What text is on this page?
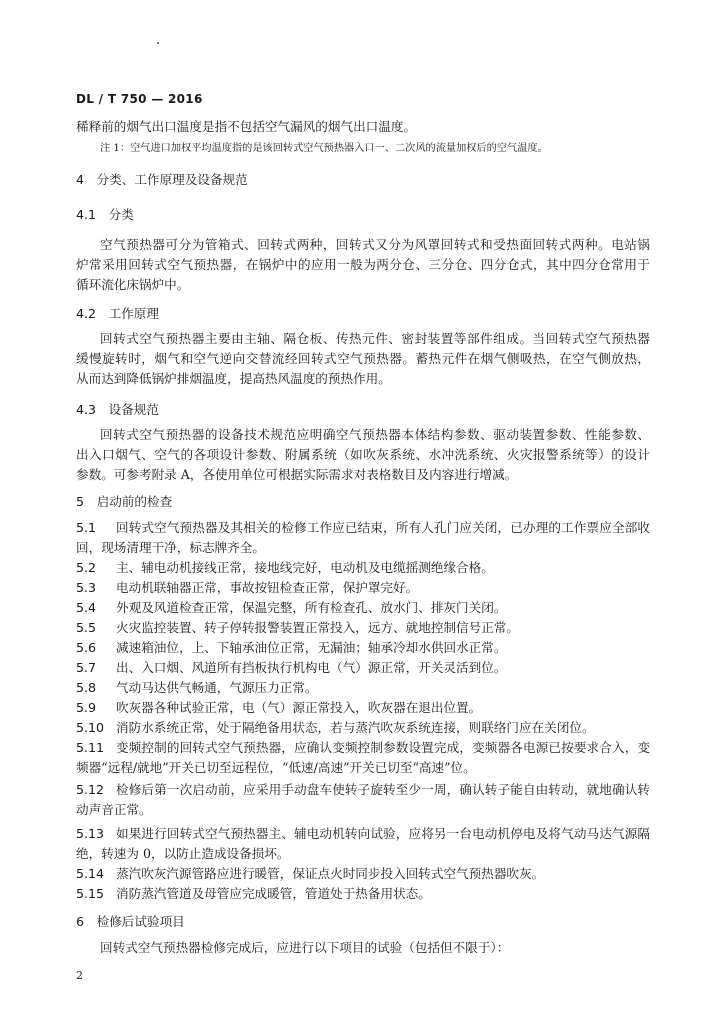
DL / T 750 — 2016
稀释前的烟气出口温度是指不包括空气漏风的烟气出口温度。
注 1：空气进口加权平均温度指的是该回转式空气预热器入口一、二次风的流量加权后的空气温度。
4　分类、工作原理及设备规范
4.1　分类
空气预热器可分为管箱式、回转式两种，回转式又分为风罩回转式和受热面回转式两种。电站锅
炉常采用回转式空气预热器，在锅炉中的应用一般为两分仓、三分仓、四分仓式，其中四分仓常用于
循环流化床锅炉中。
4.2　工作原理
回转式空气预热器主要由主轴、隔仓板、传热元件、密封装置等部件组成。当回转式空气预热器
缓慢旋转时，烟气和空气逆向交替流经回转式空气预热器。蓄热元件在烟气侧吸热，在空气侧放热，
从而达到降低锅炉排烟温度，提高热风温度的预热作用。
4.3　设备规范
回转式空气预热器的设备技术规范应明确空气预热器本体结构参数、驱动装置参数、性能参数、
出入口烟气、空气的各项设计参数、附属系统（如吹灰系统、水冲洗系统、火灾报警系统等）的设计
参数。可参考附录 A，各使用单位可根据实际需求对表格数目及内容进行增减。
5　启动前的检查
5.1 回转式空气预热器及其相关的检修工作应已结束，所有人孔门应关闭，已办理的工作票应全部收
回，现场清理干净，标志牌齐全。
5.2 主、辅电动机接线正常，接地线完好，电动机及电缆摇测绝缘合格。
5.3 电动机联轴器正常，事故按钮检查正常，保护罩完好。
5.4 外观及风道检查正常，保温完整，所有检查孔、放水门、排灰门关闭。
5.5 火灾监控装置、转子停转报警装置正常投入，远方、就地控制信号正常。
5.6 减速箱油位，上、下轴承油位正常，无漏油；轴承冷却水供回水正常。
5.7 出、入口烟、风道所有挡板执行机构电（气）源正常，开关灵活到位。
5.8 气动马达供气畅通，气源压力正常。
5.9 吹灰器各种试验正常，电（气）源正常投入，吹灰器在退出位置。
5.10 消防水系统正常，处于隔绝备用状态，若与蒸汽吹灰系统连接，则联络门应在关闭位。
5.11 变频控制的回转式空气预热器，应确认变频控制参数设置完成，变频器各电源已按要求合入，变
频器“远程/就地”开关已切至远程位，“低速/高速”开关已切至“高速”位。
5.12 检修后第一次启动前，应采用手动盘车使转子旋转至少一周，确认转子能自由转动，就地确认转
动声音正常。
5.13 如果进行回转式空气预热器主、辅电动机转向试验，应将另一台电动机停电及将气动马达气源隔
绝，转速为 0，以防止造成设备损坏。
5.14 蒸汽吹灰汽源管路应进行暖管，保证点火时同步投入回转式空气预热器吹灰。
5.15 消防蒸汽管道及母管应完成暖管，管道处于热备用状态。
6　检修后试验项目
回转式空气预热器检修完成后，应进行以下项目的试验（包括但不限于）：
2
